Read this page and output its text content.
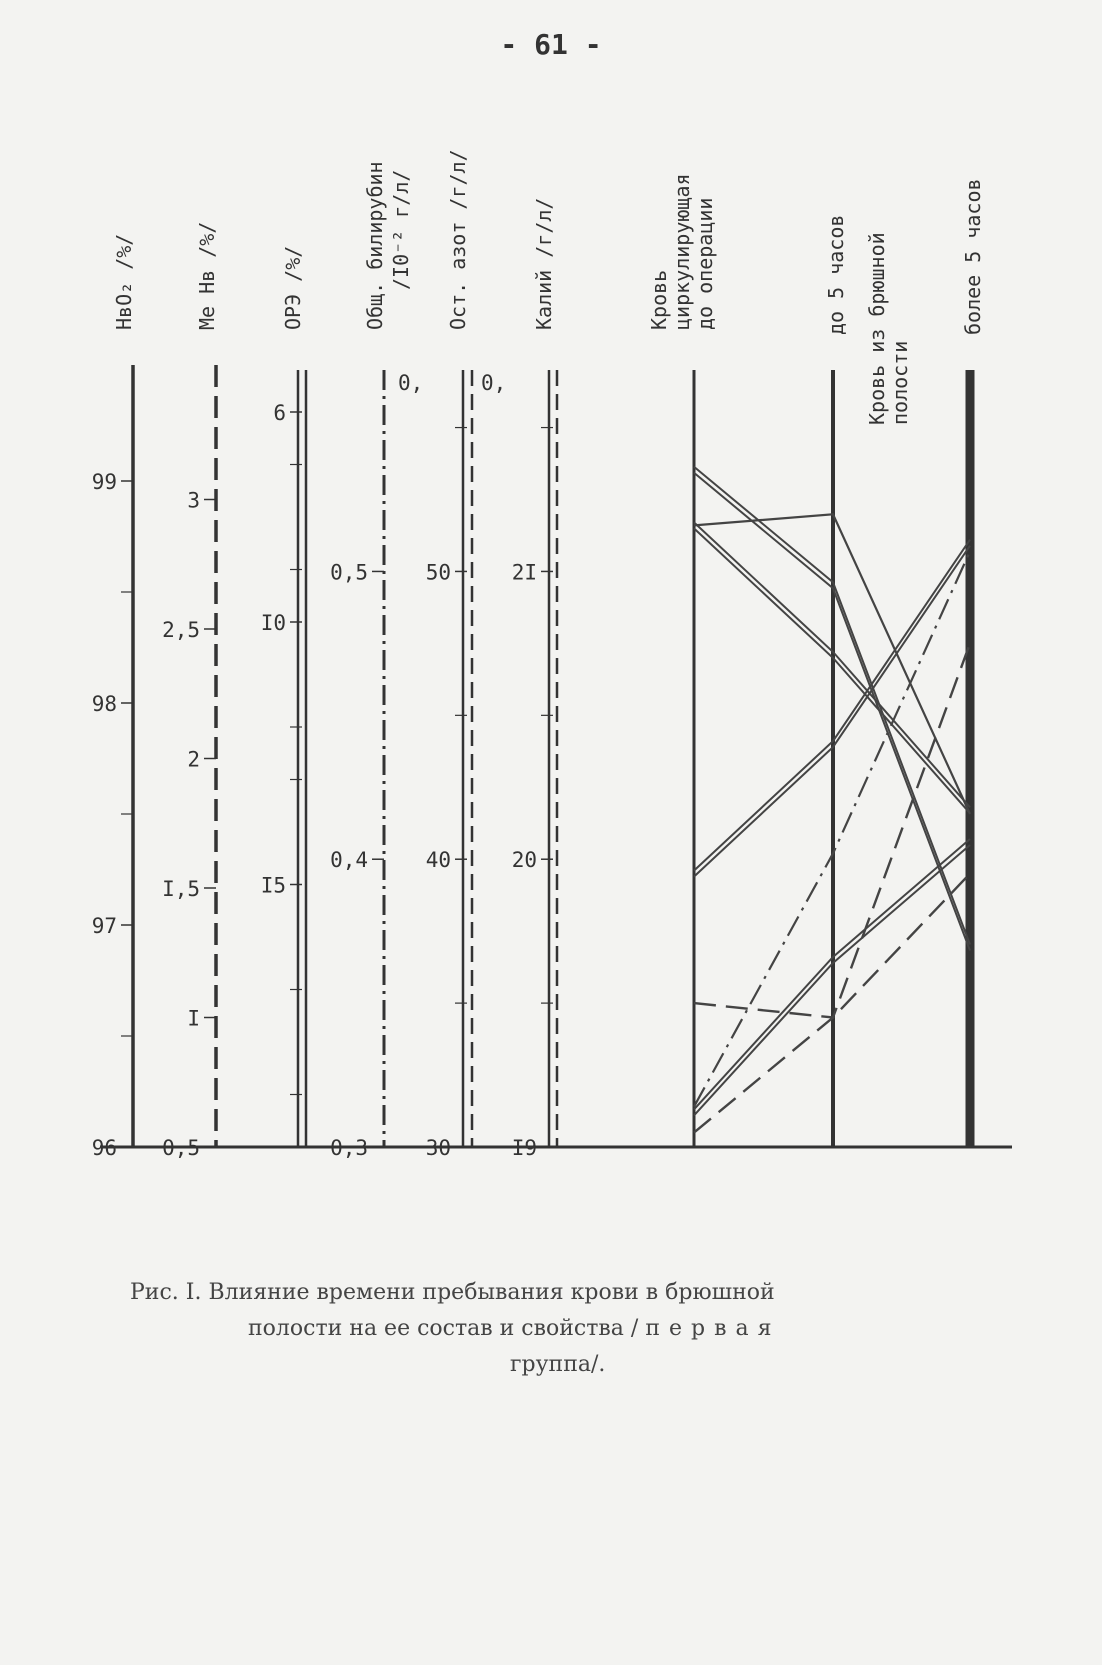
- 61 -
99
98
97
96
HвO₂ /%/
3
2,5
2
I,5
I
0,5
Me Hв /%/
6
I0
I5
ОРЭ /%/
0,5
0,4
0,3
0,
Общ. билирубин /I0⁻² г/л/
50
40
30
0,
Ост. азот /г/л/
2I
20
I9
Калий /г/л/	Кровь циркулирующая до операции	до 5 часов	более 5 часов
Кровь из брюшной полости
Рис. I. Влияние времени пребывания крови в брюшной
полости на ее состав и свойства / первая
группа/.
